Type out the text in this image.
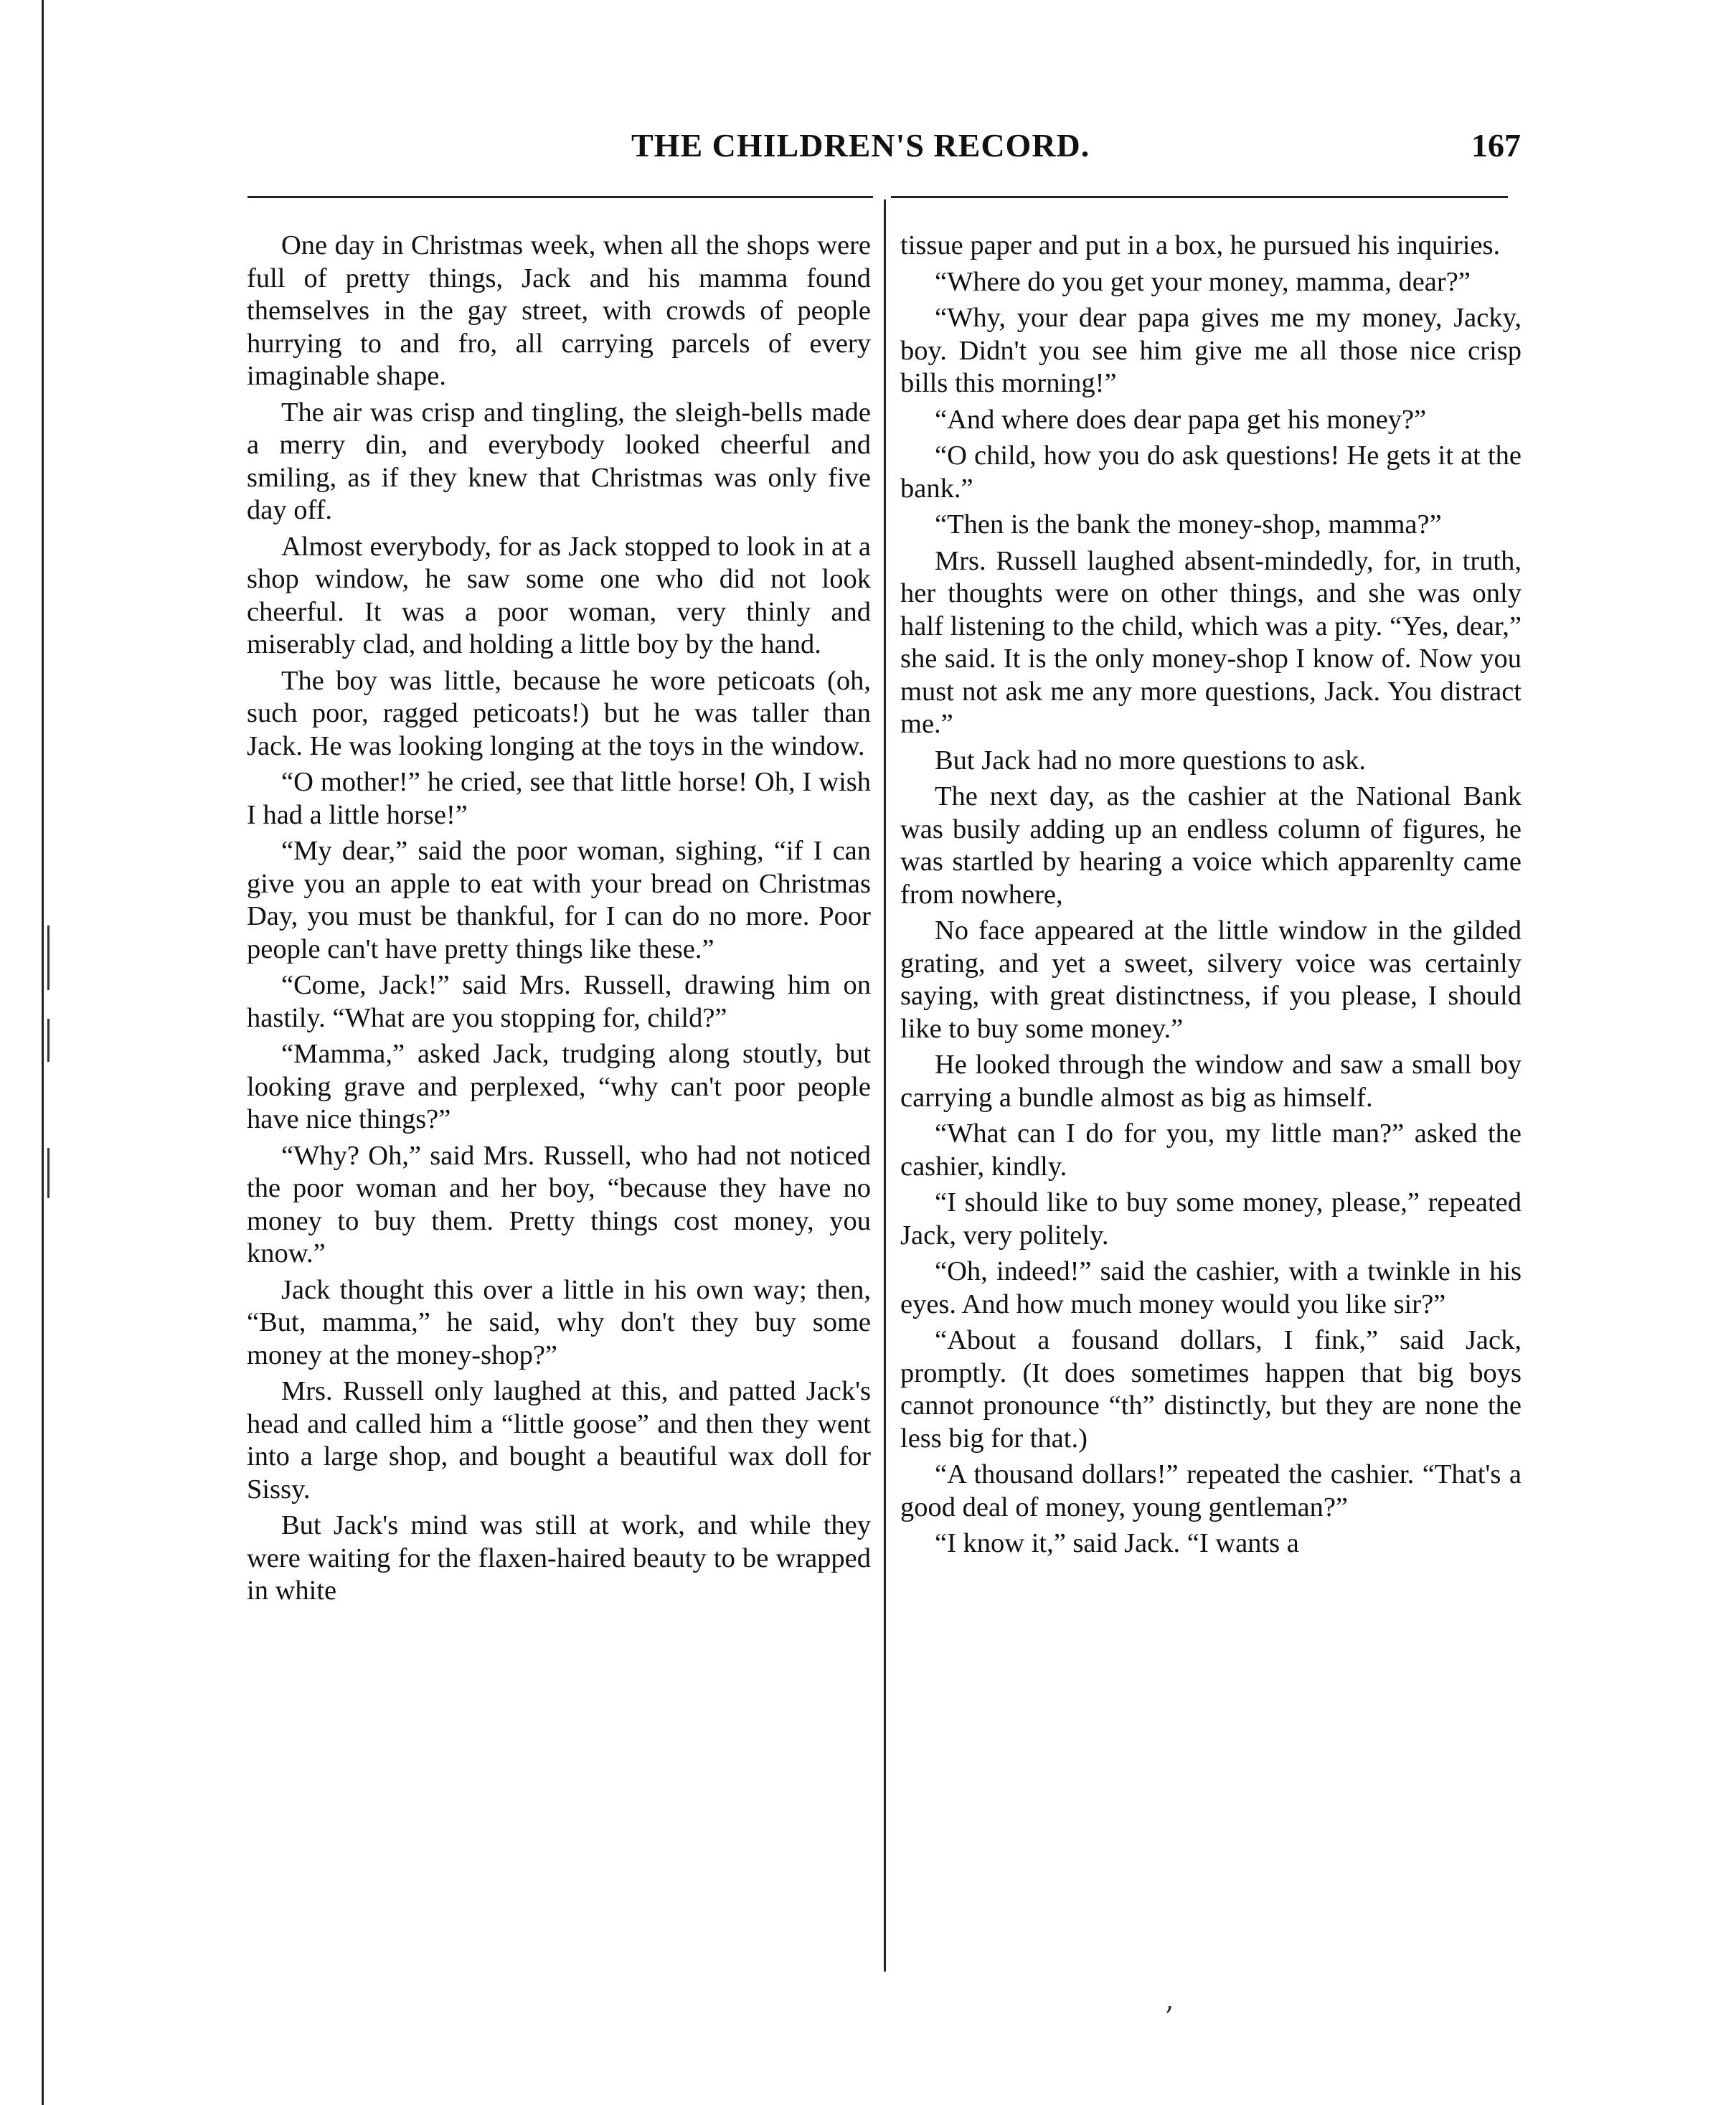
THE CHILDREN'S RECORD.	167

One day in Christmas week, when all the shops were full of pretty things, Jack and his mamma found themselves in the gay street, with crowds of people hurrying to and fro, all carrying parcels of every imaginable shape.

The air was crisp and tingling, the sleigh-bells made a merry din, and everybody looked cheerful and smiling, as if they knew that Christmas was only five day off.

Almost everybody, for as Jack stopped to look in at a shop window, he saw some one who did not look cheerful. It was a poor woman, very thinly and miserably clad, and holding a little boy by the hand.

The boy was little, because he wore peticoats (oh, such poor, ragged peticoats!) but he was taller than Jack. He was looking longing at the toys in the window.

“O mother!” he cried, see that little horse! Oh, I wish I had a little horse!”

“My dear,” said the poor woman, sighing, “if I can give you an apple to eat with your bread on Christmas Day, you must be thankful, for I can do no more. Poor people can't have pretty things like these.”

“Come, Jack!” said Mrs. Russell, drawing him on hastily. “What are you stopping for, child?”

“Mamma,” asked Jack, trudging along stoutly, but looking grave and perplexed, “why can't poor people have nice things?”

“Why? Oh,” said Mrs. Russell, who had not noticed the poor woman and her boy, “because they have no money to buy them. Pretty things cost money, you know.”

Jack thought this over a little in his own way; then, “But, mamma,” he said, why don't they buy some money at the money-shop?”

Mrs. Russell only laughed at this, and patted Jack's head and called him a “little goose” and then they went into a large shop, and bought a beautiful wax doll for Sissy.

But Jack's mind was still at work, and while they were waiting for the flaxen-haired beauty to be wrapped in white

tissue paper and put in a box, he pursued his inquiries.

“Where do you get your money, mamma, dear?”

“Why, your dear papa gives me my money, Jacky, boy. Didn't you see him give me all those nice crisp bills this morning!”

“And where does dear papa get his money?”

“O child, how you do ask questions! He gets it at the bank.”

“Then is the bank the money-shop, mamma?”

Mrs. Russell laughed absent-mindedly, for, in truth, her thoughts were on other things, and she was only half listening to the child, which was a pity. “Yes, dear,” she said. It is the only money-shop I know of. Now you must not ask me any more questions, Jack. You distract me.”

But Jack had no more questions to ask.

The next day, as the cashier at the National Bank was busily adding up an endless column of figures, he was startled by hearing a voice which apparenlty came from nowhere,

No face appeared at the little window in the gilded grating, and yet a sweet, silvery voice was certainly saying, with great distinctness, if you please, I should like to buy some money.”

He looked through the window and saw a small boy carrying a bundle almost as big as himself.

“What can I do for you, my little man?” asked the cashier, kindly.

“I should like to buy some money, please,” repeated Jack, very politely.

“Oh, indeed!” said the cashier, with a twinkle in his eyes. And how much money would you like sir?”

“About a fousand dollars, I fink,” said Jack, promptly. (It does sometimes happen that big boys cannot pronounce “th” distinctly, but they are none the less big for that.)

“A thousand dollars!” repeated the cashier. “That's a good deal of money, young gentleman?”

“I know it,” said Jack. “I wants a

ʼ
